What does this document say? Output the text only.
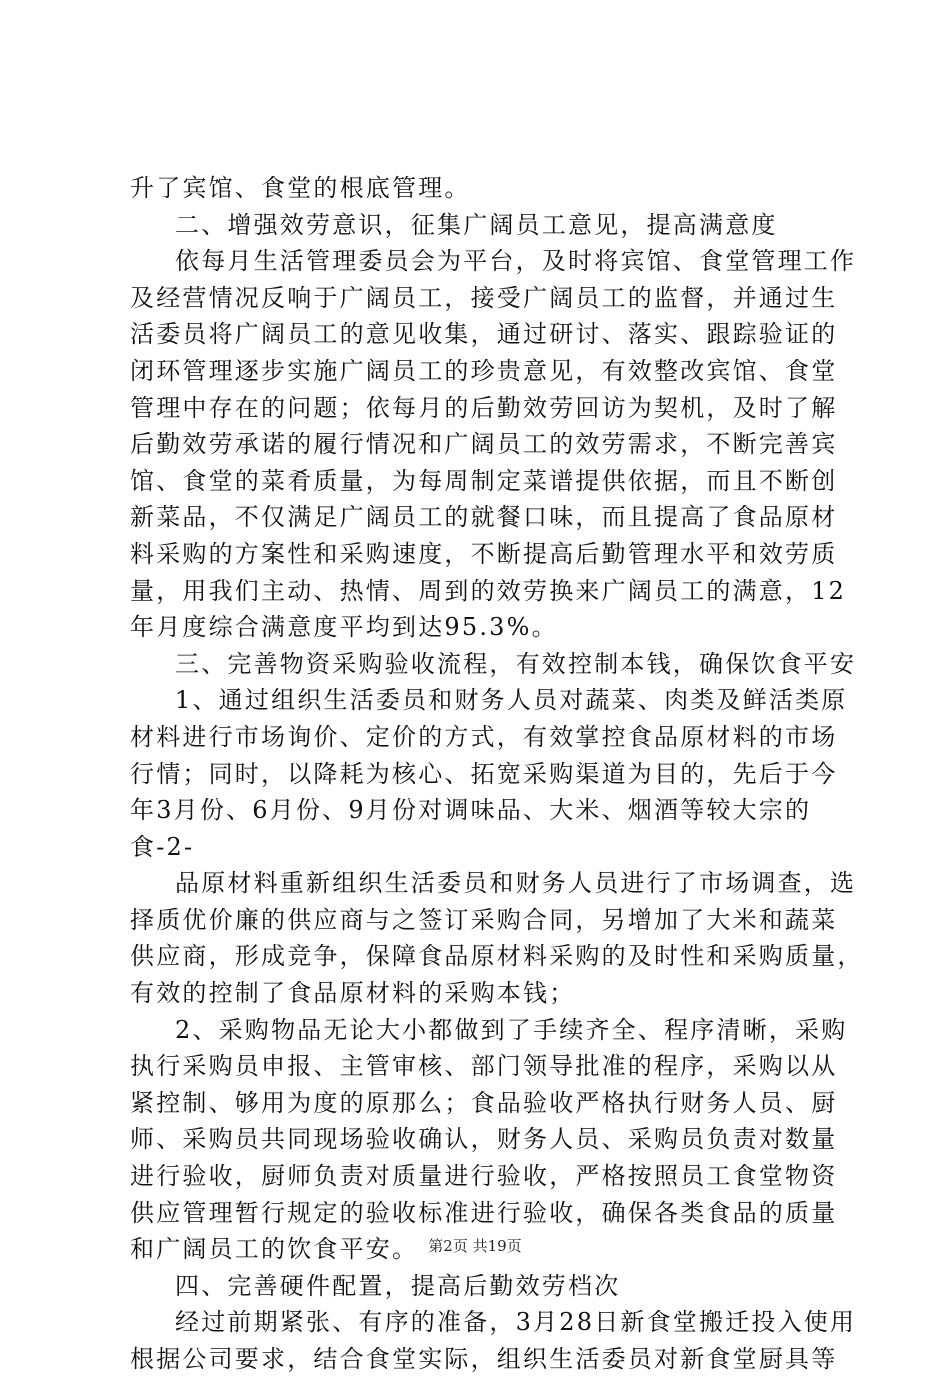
升了宾馆、食堂的根底管理。
二、增强效劳意识，征集广阔员工意见，提高满意度
依每月生活管理委员会为平台，及时将宾馆、食堂管理工作
及经营情况反响于广阔员工，接受广阔员工的监督，并通过生
活委员将广阔员工的意见收集，通过研讨、落实、跟踪验证的
闭环管理逐步实施广阔员工的珍贵意见，有效整改宾馆、食堂
管理中存在的问题；依每月的后勤效劳回访为契机，及时了解
后勤效劳承诺的履行情况和广阔员工的效劳需求，不断完善宾
馆、食堂的菜肴质量，为每周制定菜谱提供依据，而且不断创
新菜品，不仅满足广阔员工的就餐口味，而且提高了食品原材
料采购的方案性和采购速度，不断提高后勤管理水平和效劳质
量，用我们主动、热情、周到的效劳换来广阔员工的满意，12
年月度综合满意度平均到达95.3%。
三、完善物资采购验收流程，有效控制本钱，确保饮食平安
1、通过组织生活委员和财务人员对蔬菜、肉类及鲜活类原
材料进行市场询价、定价的方式，有效掌控食品原材料的市场
行情；同时，以降耗为核心、拓宽采购渠道为目的，先后于今
年3月份、6月份、9月份对调味品、大米、烟酒等较大宗的
食-2-
品原材料重新组织生活委员和财务人员进行了市场调查，选
择质优价廉的供应商与之签订采购合同，另增加了大米和蔬菜
供应商，形成竞争，保障食品原材料采购的及时性和采购质量，
有效的控制了食品原材料的采购本钱；
2、采购物品无论大小都做到了手续齐全、程序清晰，采购
执行采购员申报、主管审核、部门领导批准的程序，采购以从
紧控制、够用为度的原那么；食品验收严格执行财务人员、厨
师、采购员共同现场验收确认，财务人员、采购员负责对数量
进行验收，厨师负责对质量进行验收，严格按照员工食堂物资
供应管理暂行规定的验收标准进行验收，确保各类食品的质量
和广阔员工的饮食平安。
四、完善硬件配置，提高后勤效劳档次
经过前期紧张、有序的准备，3月28日新食堂搬迁投入使用
根据公司要求，结合食堂实际，组织生活委员对新食堂厨具等
第2页 共19页
